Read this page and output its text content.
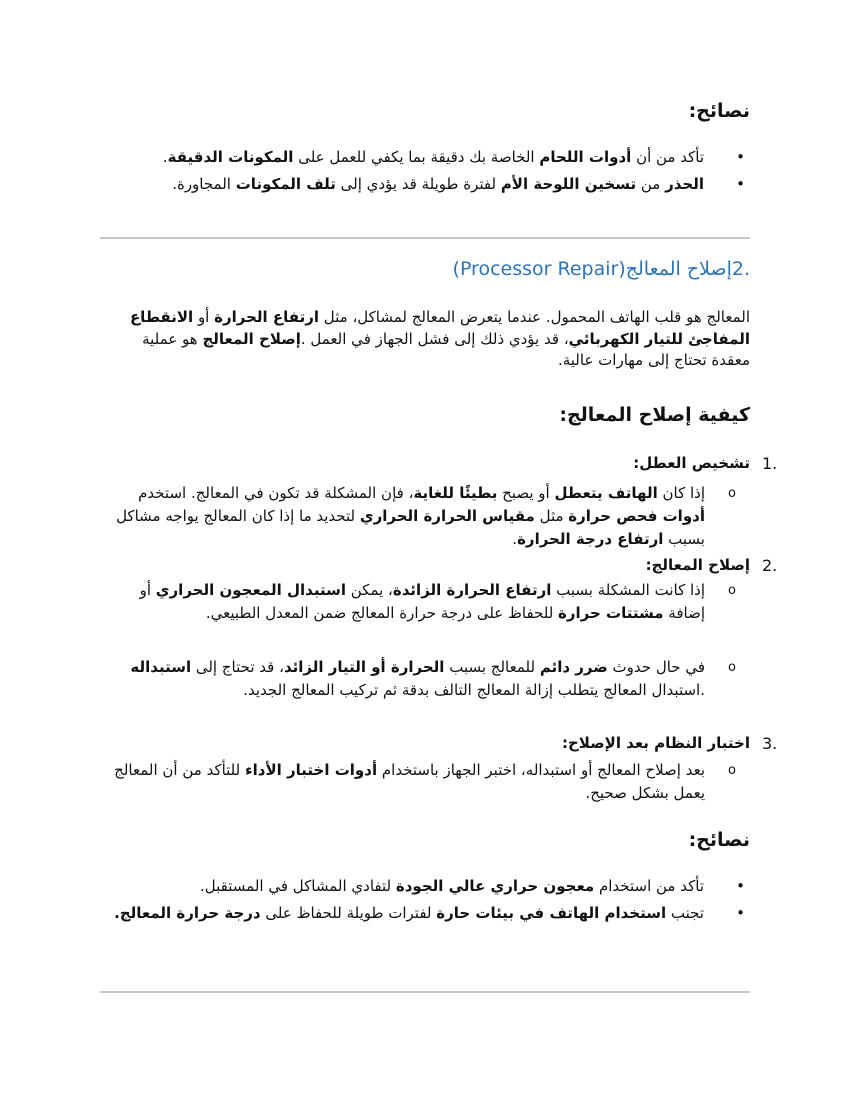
نصائح:
•
تأكد من أن أدوات اللحام الخاصة بك دقيقة بما يكفي للعمل على المكونات الدقيقة.
•
الحذر من تسخين اللوحة الأم لفترة طويلة قد يؤدي إلى تلف المكونات المجاورة.
.2إصلاح المعالج(Processor Repair)
المعالج هو قلب الهاتف المحمول. عندما يتعرض المعالج لمشاكل، مثل ارتفاع الحرارة أو الانقطاع المفاجئ للتيار الكهربائي، قد يؤدي ذلك إلى فشل الجهاز في العمل .إصلاح المعالج هو عملية معقدة تحتاج إلى مهارات عالية.
كيفية إصلاح المعالج:
1.
تشخيص العطل:
o
إذا كان الهاتف يتعطل أو يصبح بطيئًا للغاية، فإن المشكلة قد تكون في المعالج. استخدم أدوات فحص حرارة مثل مقياس الحرارة الحراري لتحديد ما إذا كان المعالج يواجه مشاكل بسبب ارتفاع درجة الحرارة.
2.
إصلاح المعالج:
o
إذا كانت المشكلة بسبب ارتفاع الحرارة الزائدة، يمكن استبدال المعجون الحراري أو إضافة مشتتات حرارة للحفاظ على درجة حرارة المعالج ضمن المعدل الطبيعي.
o
في حال حدوث ضرر دائم للمعالج بسبب الحرارة أو التيار الزائد، قد تحتاج إلى استبداله .استبدال المعالج يتطلب إزالة المعالج التالف بدقة ثم تركيب المعالج الجديد.
3.
اختبار النظام بعد الإصلاح:
o
بعد إصلاح المعالج أو استبداله، اختبر الجهاز باستخدام أدوات اختبار الأداء للتأكد من أن المعالج يعمل بشكل صحيح.
نصائح:
•
تأكد من استخدام معجون حراري عالي الجودة لتفادي المشاكل في المستقبل.
•
تجنب استخدام الهاتف في بيئات حارة لفترات طويلة للحفاظ على درجة حرارة المعالج.
